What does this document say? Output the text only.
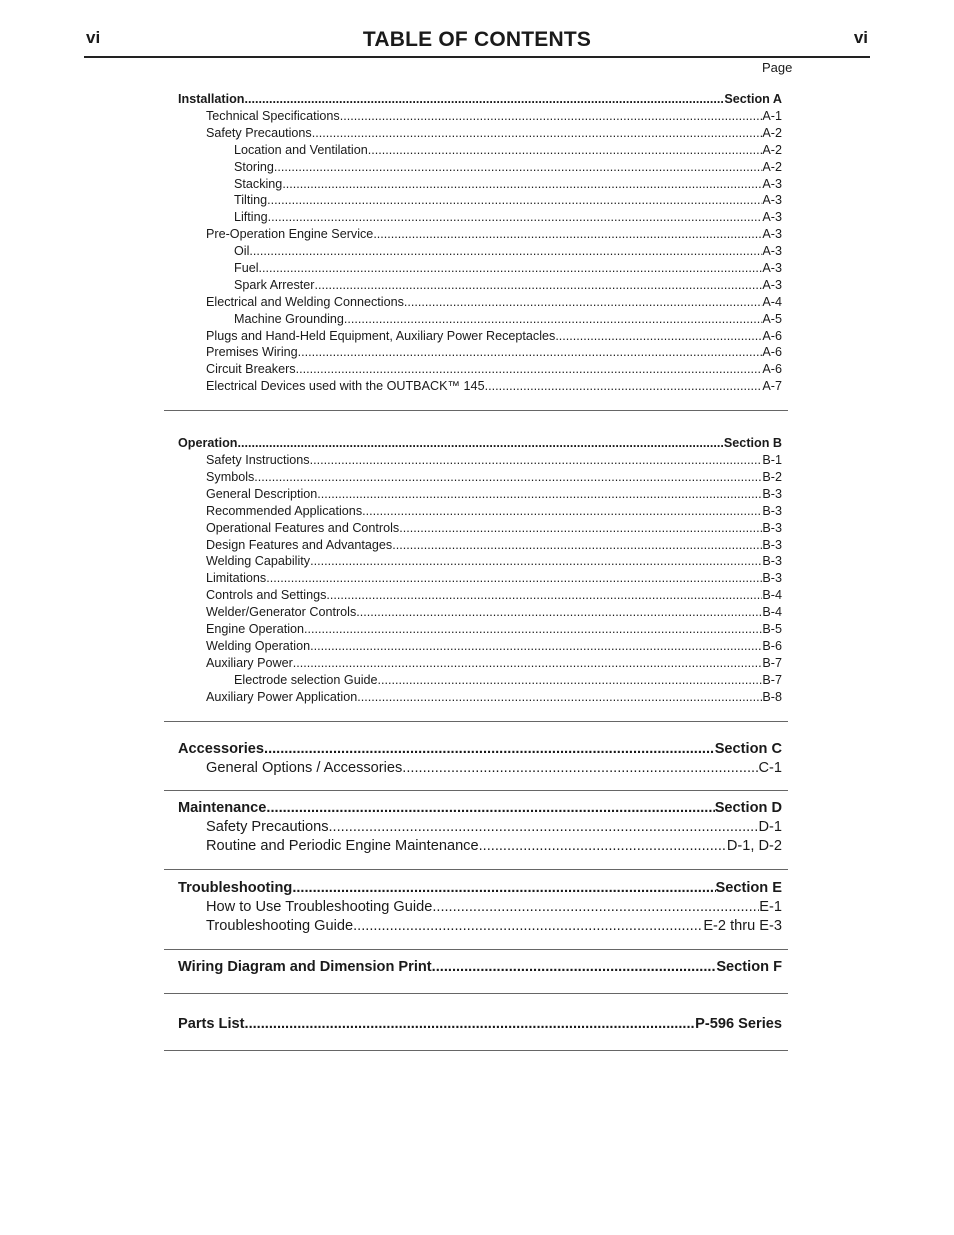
vi	TABLE OF CONTENTS	vi
Page
Installation .....	Section A
Technical Specifications .....	A-1
Safety Precautions. .....	A-2
Location and Ventilation .....	A-2
Storing .....	A-2
Stacking .....	A-3
Tilting .....	A-3
Lifting .....	A-3
Pre-Operation Engine Service .....	A-3
Oil .....	A-3
Fuel .....	A-3
Spark Arrester .....	A-3
Electrical and Welding Connections .....	A-4
Machine Grounding .....	A-5
Plugs and Hand-Held Equipment, Auxiliary Power Receptacles .....	A-6
Premises Wiring .....	A-6
Circuit Breakers .....	A-6
Electrical Devices used with the OUTBACK™ 145 .....	A-7
Operation .....	Section B
Safety Instructions .....	B-1
Symbols .....	B-2
General Description .....	B-3
Recommended Applications .....	B-3
Operational Features and Controls .....	B-3
Design Features and Advantages .....	B-3
Welding Capability .....	B-3
Limitations .....	B-3
Controls and Settings .....	B-4
Welder/Generator Controls .....	B-4
Engine Operation .....	B-5
Welding Operation .....	B-6
Auxiliary Power .....	B-7
Electrode selection Guide .....	B-7
Auxiliary Power Application .....	B-8
Accessories .....	Section C
General Options / Accessories .....	C-1
Maintenance .....	Section D
Safety Precautions .....	D-1
Routine and Periodic Engine Maintenance .....	D-1, D-2
Troubleshooting .....	Section E
How to Use Troubleshooting Guide .....	E-1
Troubleshooting Guide .....	E-2 thru E-3
Wiring Diagram and Dimension Print .....	Section F
Parts List .....	P-596 Series
